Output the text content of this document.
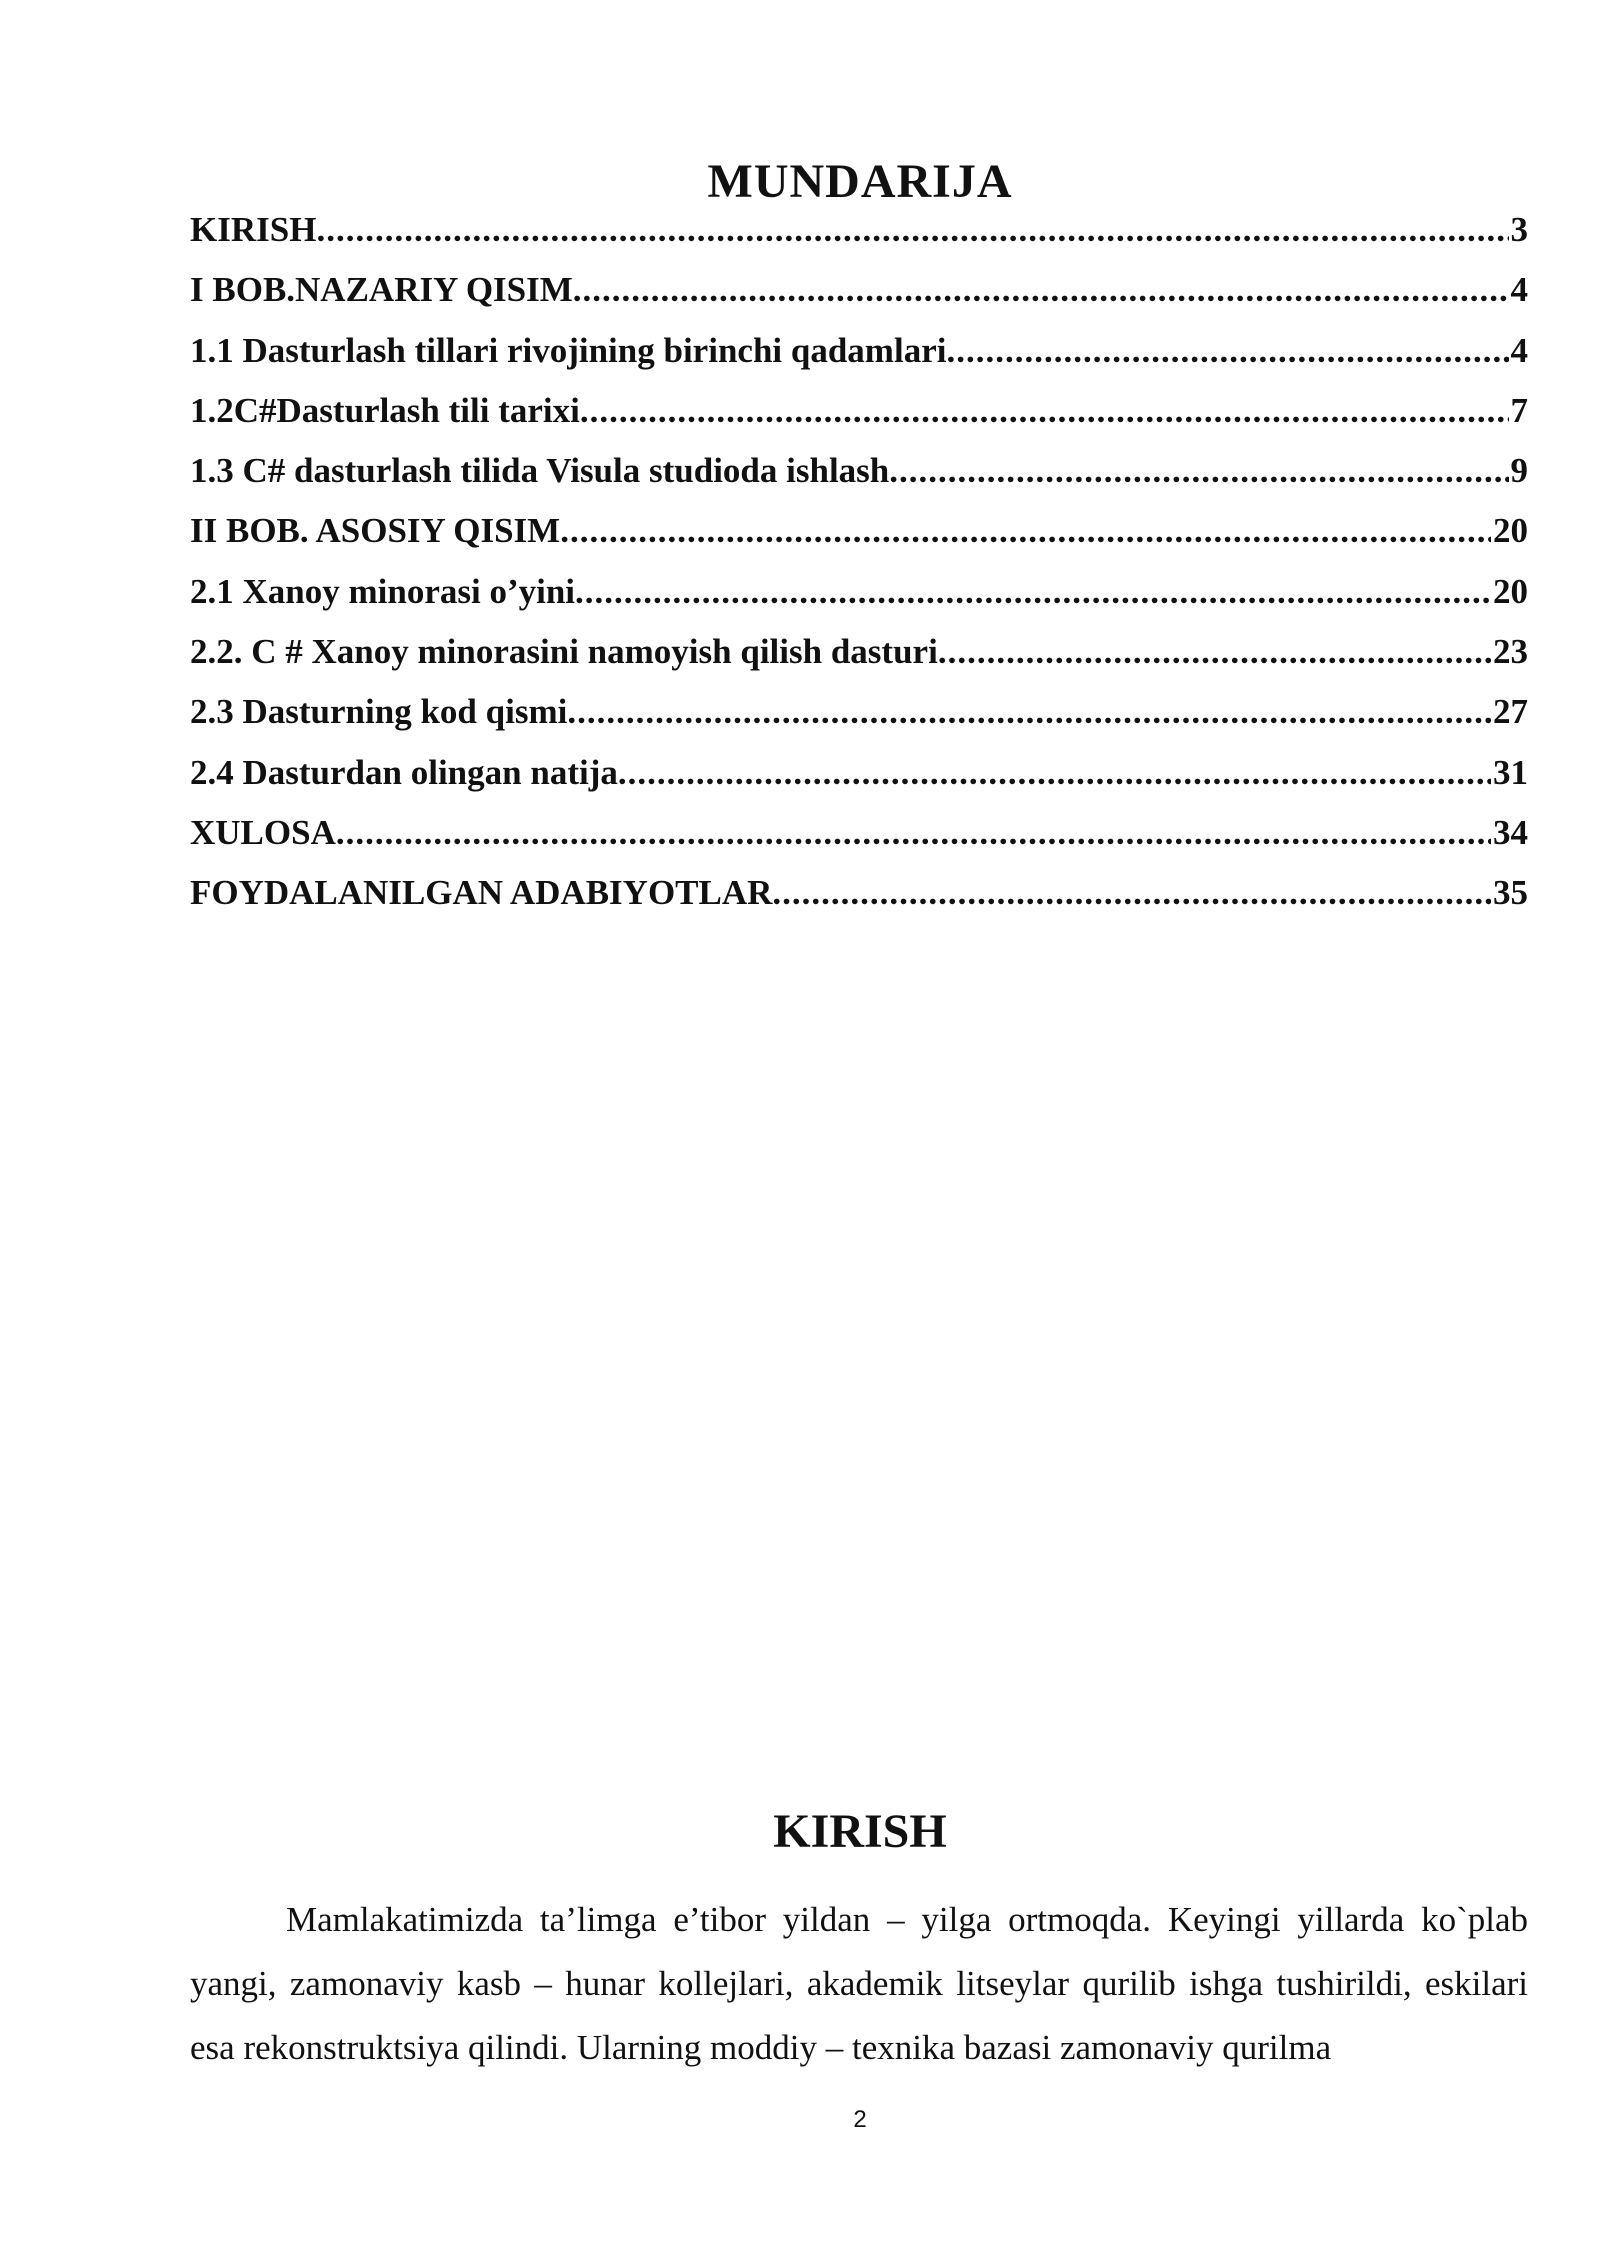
MUNDARIJA
KIRISH .....	3
I BOB.NAZARIY QISIM .....	4
1.1 Dasturlash tillari rivojining birinchi qadamlari .....	4
1.2C#Dasturlash tili tarixi .....	7
1.3 C# dasturlash tilida Visula studioda ishlash .....	9
II BOB. ASOSIY QISIM .....	20
2.1 Xanoy minorasi o’yini .....	20
2.2. C # Xanoy minorasini namoyish qilish dasturi .....	23
2.3 Dasturning kod qismi .....	27
2.4 Dasturdan olingan natija .....	31
XULOSA .....	34
FOYDALANILGAN ADABIYOTLAR .....	35
KIRISH

Mamlakatimizda ta’limga e’tibor yildan – yilga ortmoqda. Keyingi yillarda ko`plab yangi, zamonaviy kasb – hunar kollejlari, akademik litseylar qurilib ishga tushirildi, eskilari esa rekonstruktsiya qilindi. Ularning moddiy – texnika bazasi zamonaviy qurilma

2
